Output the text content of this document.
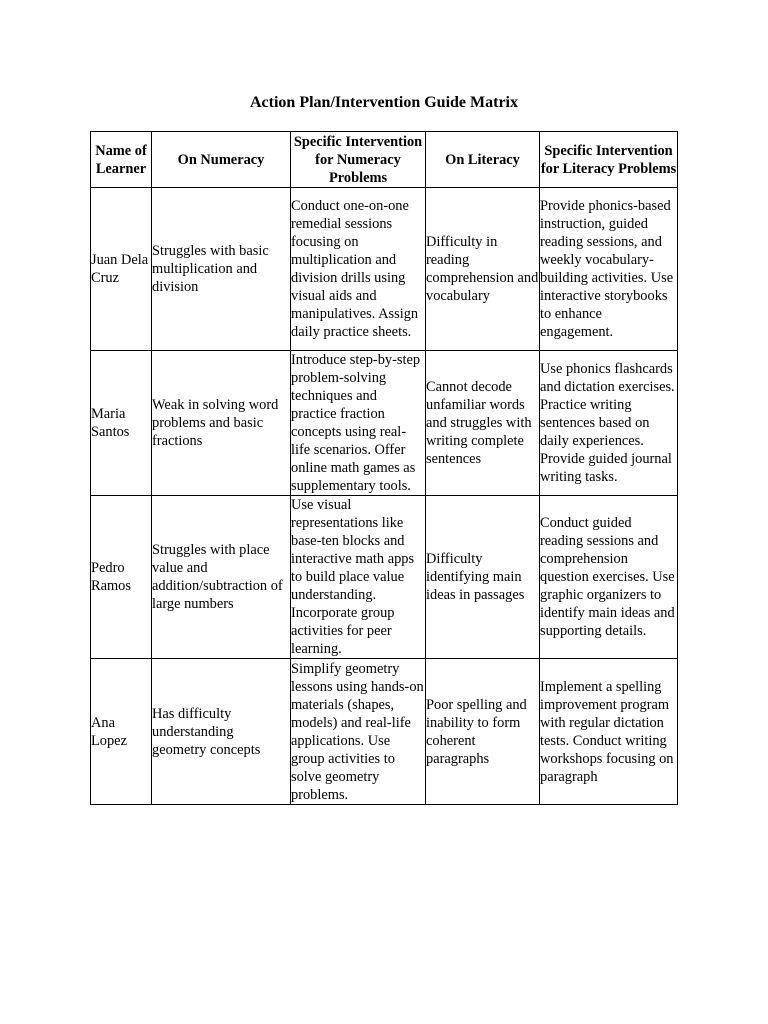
Action Plan/Intervention Guide Matrix
Name of Learner	On Numeracy	Specific Intervention for Numeracy Problems	On Literacy	Specific Intervention for Literacy Problems
Juan Dela Cruz	Struggles with basic multiplication and division	Conduct one-on-one remedial sessions focusing on multiplication and division drills using visual aids and manipulatives. Assign daily practice sheets.	Difficulty in reading comprehension and vocabulary	Provide phonics-based instruction, guided reading sessions, and weekly vocabulary-building activities. Use interactive storybooks to enhance engagement.
Maria Santos	Weak in solving word problems and basic fractions	Introduce step-by-step problem-solving techniques and practice fraction concepts using real-life scenarios. Offer online math games as supplementary tools.	Cannot decode unfamiliar words and struggles with writing complete sentences	Use phonics flashcards and dictation exercises. Practice writing sentences based on daily experiences. Provide guided journal writing tasks.
Pedro Ramos	Struggles with place value and addition/subtraction of large numbers	Use visual representations like base-ten blocks and interactive math apps to build place value understanding. Incorporate group activities for peer learning.	Difficulty identifying main ideas in passages	Conduct guided reading sessions and comprehension question exercises. Use graphic organizers to identify main ideas and supporting details.
Ana Lopez	Has difficulty understanding geometry concepts	Simplify geometry lessons using hands-on materials (shapes, models) and real-life applications. Use group activities to solve geometry problems.	Poor spelling and inability to form coherent paragraphs	Implement a spelling improvement program with regular dictation tests. Conduct writing workshops focusing on paragraph
